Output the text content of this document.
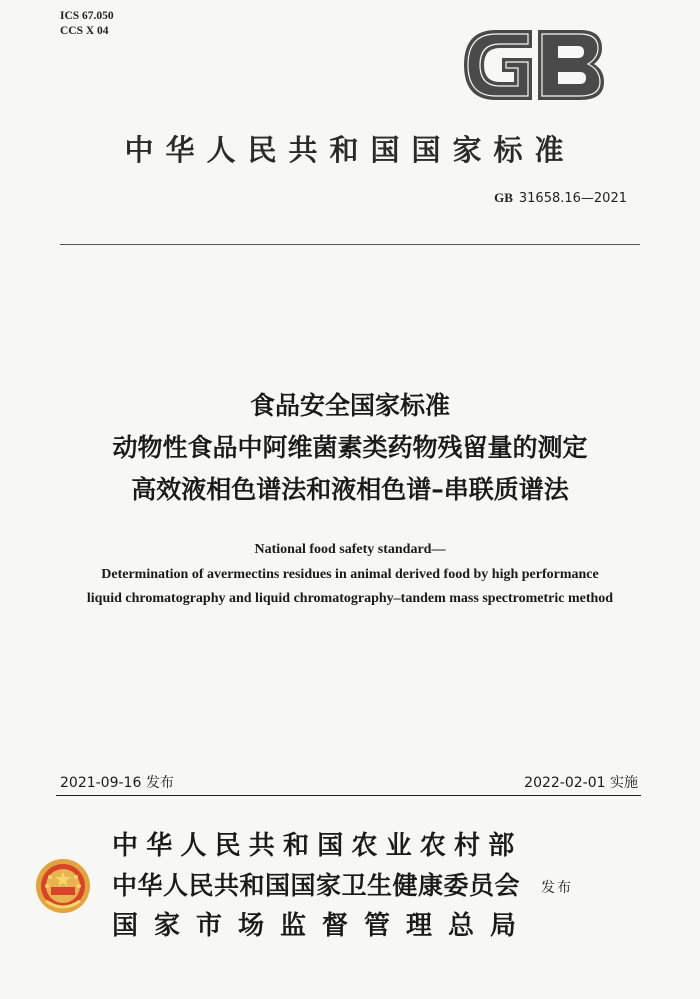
ICS 67.050
CCS X 04
中华人民共和国国家标准
GB 31658.16—2021
食品安全国家标准
动物性食品中阿维菌素类药物残留量的测定
高效液相色谱法和液相色谱–串联质谱法
National food safety standard—
Determination of avermectins residues in animal derived food by high performance
liquid chromatography and liquid chromatography–tandem mass spectrometric method
2021-09-16 发布	2022-02-01 实施
中华人民共和国农业农村部
中华人民共和国国家卫生健康委员会
国家市场监督管理总局
发布
